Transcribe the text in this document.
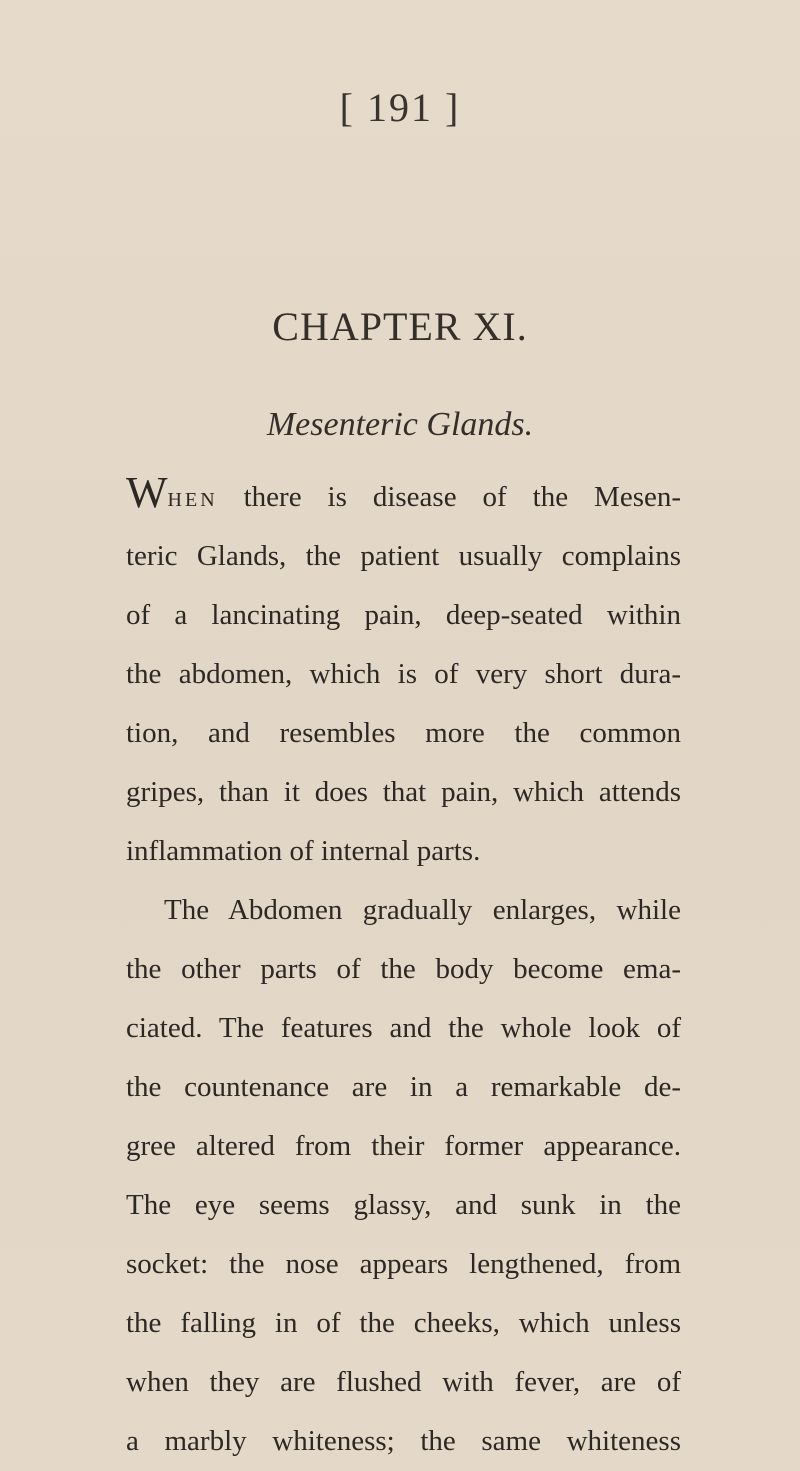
[ 191 ]
CHAPTER XI.
Mesenteric Glands.
When there is disease of the Mesen-
teric Glands, the patient usually complains
of a lancinating pain, deep-seated within
the abdomen, which is of very short dura-
tion, and resembles more the common
gripes, than it does that pain, which attends
inflammation of internal parts.
The Abdomen gradually enlarges, while
the other parts of the body become ema-
ciated. The features and the whole look of
the countenance are in a remarkable de-
gree altered from their former appearance.
The eye seems glassy, and sunk in the
socket: the nose appears lengthened, from
the falling in of the cheeks, which unless
when they are flushed with fever, are of
a marbly whiteness; the same whiteness
